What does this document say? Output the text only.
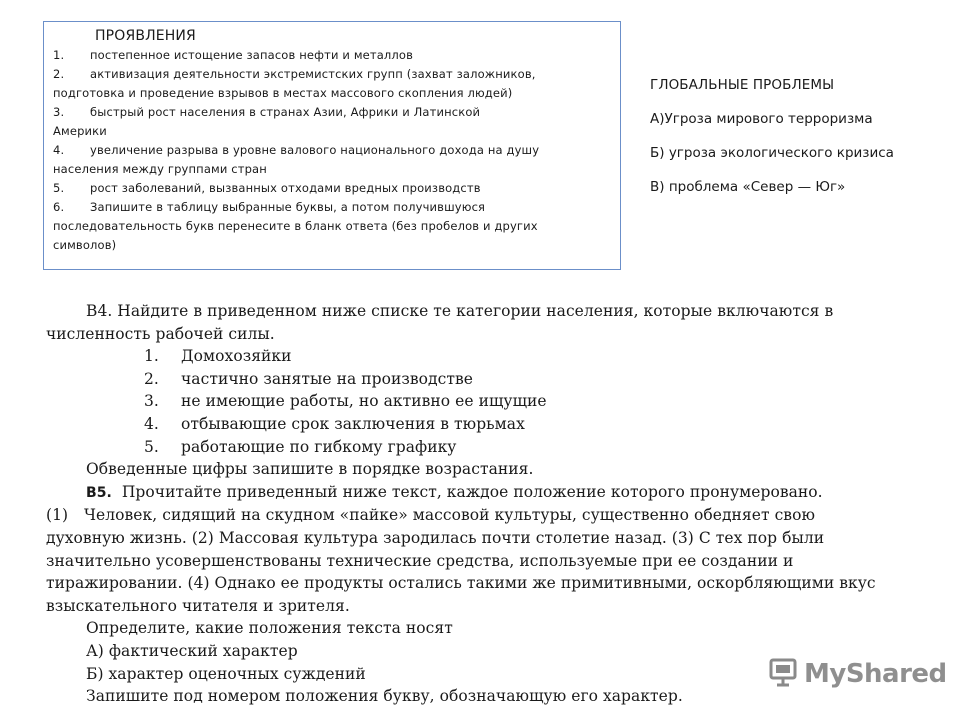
ПРОЯВЛЕНИЯ
1. постепенное истощение запасов нефти и металлов
2. активизация деятельности экстремистских групп (захват заложников,
подготовка и проведение взрывов в местах массового скопления людей)
3. быстрый рост населения в странах Азии, Африки и Латинской
Америки
4. увеличение разрыва в уровне валового национального дохода на душу
населения между группами стран
5. рост заболеваний, вызванных отходами вредных производств
6. Запишите в таблицу выбранные буквы, а потом получившуюся
последовательность букв перенесите в бланк ответа (без пробелов и других
символов)
ГЛОБАЛЬНЫЕ ПРОБЛЕМЫ
А)Угроза мирового терроризма
Б) угроза экологического кризиса
В) проблема «Север — Юг»
В4. Найдите в приведенном ниже списке те категории населения, которые включаются в
численность рабочей силы.
1. Домохозяйки
2. частично занятые на производстве
3. не имеющие работы, но активно ее ищущие
4. отбывающие срок заключения в тюрьмах
5. работающие по гибкому графику
Обведенные цифры запишите в порядке возрастания.
В5. Прочитайте приведенный ниже текст, каждое положение которого пронумеровано.
(1) Человек, сидящий на скудном «пайке» массовой культуры, существенно обедняет свою
духовную жизнь. (2) Массовая культура зародилась почти столетие назад. (3) С тех пор были
значительно усовершенствованы технические средства, используемые при ее создании и
тиражировании. (4) Однако ее продукты остались такими же примитивными, оскорбляющими вкус
взыскательного читателя и зрителя.
Определите, какие положения текста носят
А) фактический характер
Б) характер оценочных суждений
Запишите под номером положения букву, обозначающую его характер.
MyShared
